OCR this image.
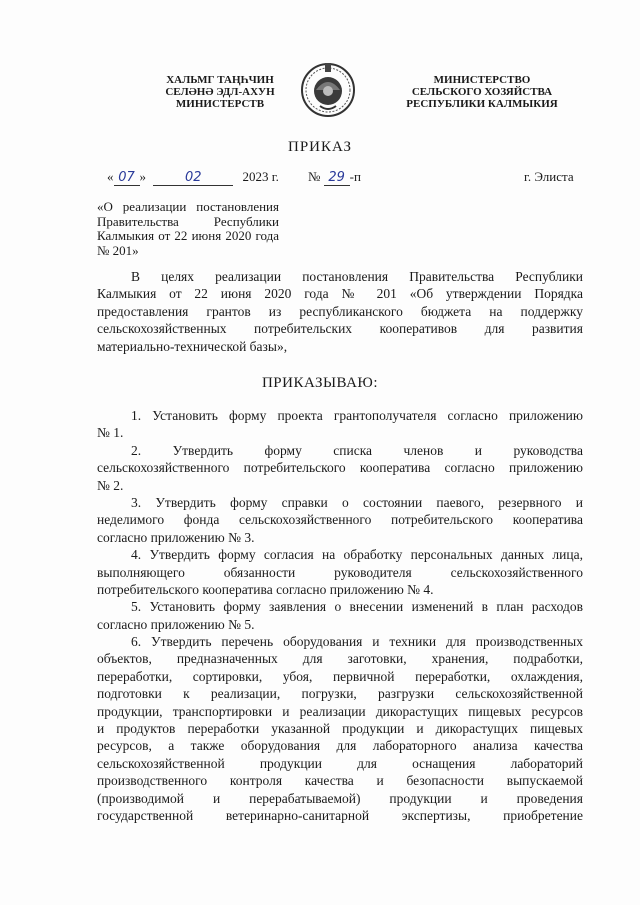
ХАЛЬМГ ТАҢҺЧИН
СЕЛӘНӘ ЭДЛ-АХУН
МИНИСТЕРСТВ
МИНИСТЕРСТВО
СЕЛЬСКОГО ХОЗЯЙСТВА
РЕСПУБЛИКИ КАЛМЫКИЯ
ПРИКАЗ
« 07 »	02	2023 г. № 29 -п	г. Элиста
«О реализации постановления
Правительства Республики
Калмыкия от 22 июня 2020 года
№ 201»
В целях реализации постановления Правительства Республики
Калмыкия от 22 июня 2020 года № 201 «Об утверждении Порядка
предоставления грантов из республиканского бюджета на поддержку
сельскохозяйственных потребительских кооперативов для развития
материально-технической базы»,
ПРИКАЗЫВАЮ:
1. Установить форму проекта грантополучателя согласно приложению
№ 1.
2. Утвердить форму списка членов и руководства
сельскохозяйственного потребительского кооператива согласно приложению
№ 2.
3. Утвердить форму справки о состоянии паевого, резервного и
неделимого фонда сельскохозяйственного потребительского кооператива
согласно приложению № 3.
4. Утвердить форму согласия на обработку персональных данных лица,
выполняющего обязанности руководителя сельскохозяйственного
потребительского кооператива согласно приложению № 4.
5. Установить форму заявления о внесении изменений в план расходов
согласно приложению № 5.
6. Утвердить перечень оборудования и техники для производственных
объектов, предназначенных для заготовки, хранения, подработки,
переработки, сортировки, убоя, первичной переработки, охлаждения,
подготовки к реализации, погрузки, разгрузки сельскохозяйственной
продукции, транспортировки и реализации дикорастущих пищевых ресурсов
и продуктов переработки указанной продукции и дикорастущих пищевых
ресурсов, а также оборудования для лабораторного анализа качества
сельскохозяйственной продукции для оснащения лабораторий
производственного контроля качества и безопасности выпускаемой
(производимой и перерабатываемой) продукции и проведения
государственной ветеринарно-санитарной экспертизы, приобретение
